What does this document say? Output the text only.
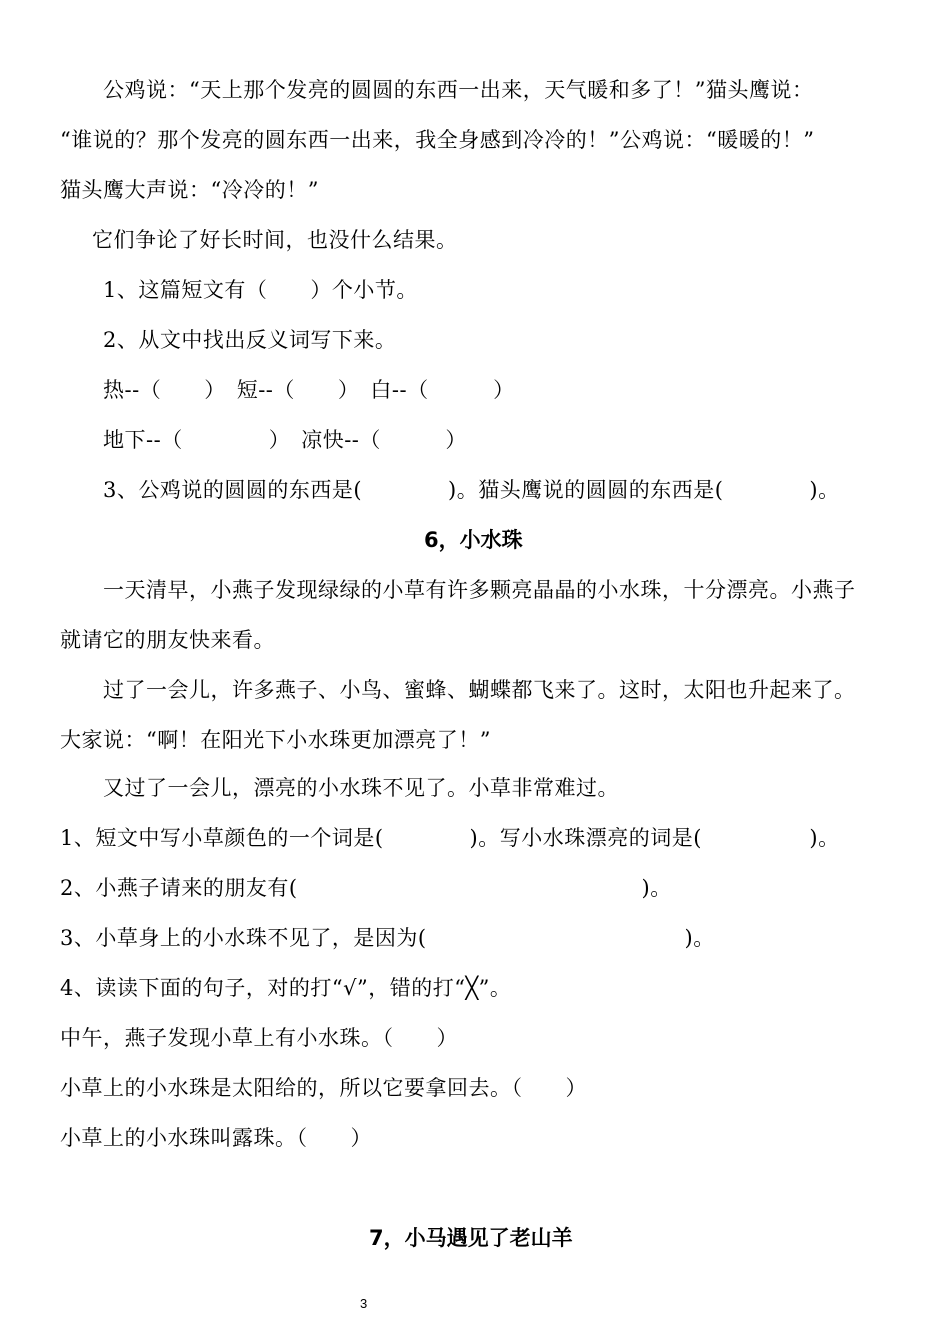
公鸡说：“天上那个发亮的圆圆的东西一出来，天气暖和多了！”猫头鹰说：
“谁说的？那个发亮的圆东西一出来，我全身感到冷冷的！”公鸡说：“暖暖的！”
猫头鹰大声说：“冷冷的！”
它们争论了好长时间，也没什么结果。
1、这篇短文有（　　）个小节。
2、从文中找出反义词写下来。
热--（　　）　短--（　　）　白--（　　　）
地下--（　　　　）　凉快--（　　　）
3、公鸡说的圆圆的东西是(　　　　)。猫头鹰说的圆圆的东西是(　　　　)。
6，小水珠
一天清早，小燕子发现绿绿的小草有许多颗亮晶晶的小水珠，十分漂亮。小燕子
就请它的朋友快来看。
过了一会儿，许多燕子、小鸟、蜜蜂、蝴蝶都飞来了。这时，太阳也升起来了。
大家说：“啊！在阳光下小水珠更加漂亮了！”
又过了一会儿，漂亮的小水珠不见了。小草非常难过。
1、短文中写小草颜色的一个词是(　　　　)。写小水珠漂亮的词是(　　　　　)。
2、小燕子请来的朋友有(　　　　　　　　　　　　　　　　)。
3、小草身上的小水珠不见了，是因为(　　　　　　　　　　　　)。
4、读读下面的句子，对的打“√”，错的打“╳”。
中午，燕子发现小草上有小水珠。（　　）
小草上的小水珠是太阳给的，所以它要拿回去。（　　）
小草上的小水珠叫露珠。（　　）
7，小马遇见了老山羊
3
